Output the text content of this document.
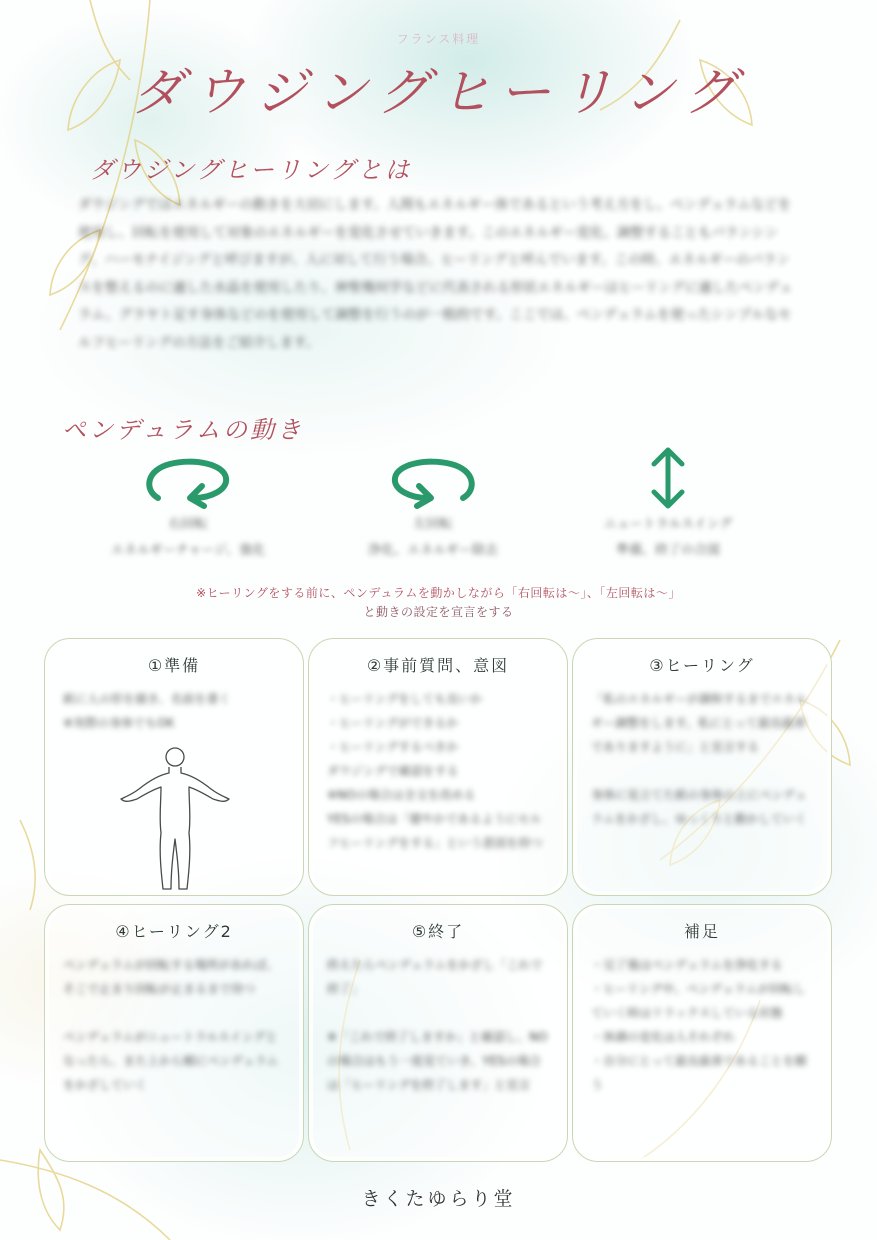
フランス料理
ダウジングヒーリング
ダウジングヒーリングとは
ダウジングではエネルギーの動きを大切にします。人間もエネルギー体であるという考え方をし、ペンデュラムなどを使用し、回転を使用して対象のエネルギーを変化させていきます。このエネルギー変化、調整することもバランシング、ハーモナイジングと呼びますが、人に対して行う場合、ヒーリングと呼んでいます。この時、エネルギーのバランスを整えるのに適した水晶を使用したり、神聖幾何学などに代表される形状エネルギーはヒーリングに適したペンデュラム、グラヤト足す身体などのを使用して調整を行うのが一般的です。ここでは、ペンデュラムを使ったシンプルなセルフヒーリングの方法をご紹介します。
ペンデュラムの動き
右回転
エネルギーチャージ、強化
左回転
浄化、エネルギー除去
ニュートラルスイング
準備、終了の合図
※ヒーリングをする前に、ペンデュラムを動かしながら「右回転は〜」、「左回転は〜」
と動きの設定を宣言をする
①準備
紙に人の形を描き、名前を書く
※実際の身体でもOK
②事前質問、意図
・ヒーリングをしても良いか
・ヒーリングができるか
・ヒーリングするべきか
ダウジングで確認をする
※NOの場合は全文を改める
YESの場合は「健やかであるようにセルフヒーリングをする」という意図を持つ
③ヒーリング
「私のエネルギーが調和するまでエネルギー調整をします。私にとって最良最善でありますように」と宣言する

身体に見立てた紙の身体の上にペンデュラムをかざし、ゆっくりと動かしていく
④ヒーリング2
ペンデュラムが回転する場所があれば、そこで止まり回転が止まるまで待つ

ペンデュラムがニュートラルスイングとなったら、また上から順にペンデュラムをかざしていく
⑤終了
終えたらペンデュラムをかざし「これで終了」

※「これで終了しますか」と確認し、NOの場合はもう一度見ていき、YESの場合は「ヒーリングを終了します」と宣言
補足
・完了後はペンデュラムを浄化する
・ヒーリング中、ペンデュラムが回転していく時はリラックスしている状態
・体調の変化は人それぞれ
・自分にとって最良最善であることを願う
きくたゆらり堂
